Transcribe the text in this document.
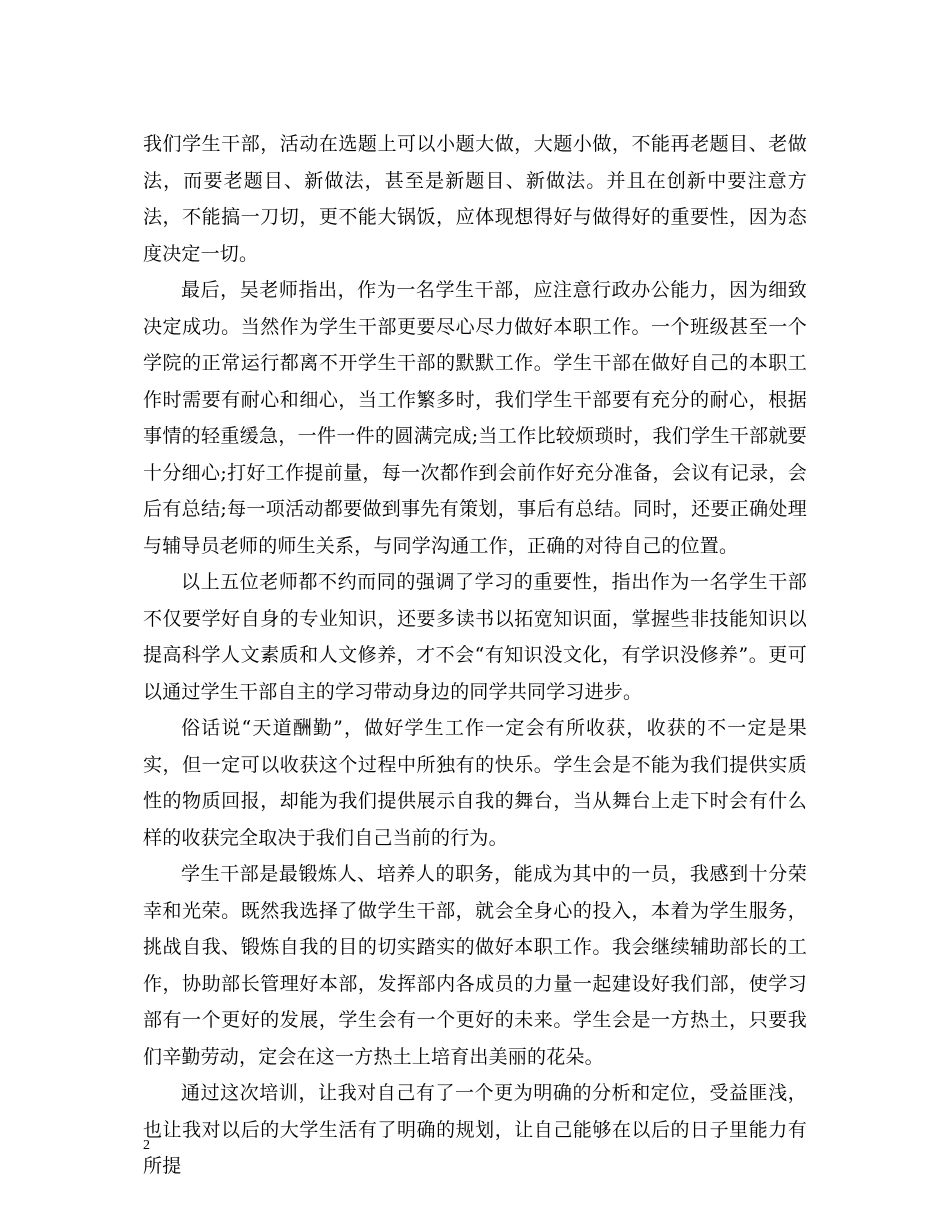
我们学生干部，活动在选题上可以小题大做，大题小做，不能再老题目、老做法，而要老题目、新做法，甚至是新题目、新做法。并且在创新中要注意方法，不能搞一刀切，更不能大锅饭，应体现想得好与做得好的重要性，因为态度决定一切。

最后，吴老师指出，作为一名学生干部，应注意行政办公能力，因为细致决定成功。当然作为学生干部更要尽心尽力做好本职工作。一个班级甚至一个学院的正常运行都离不开学生干部的默默工作。学生干部在做好自己的本职工作时需要有耐心和细心，当工作繁多时，我们学生干部要有充分的耐心，根据事情的轻重缓急，一件一件的圆满完成;当工作比较烦琐时，我们学生干部就要十分细心;打好工作提前量，每一次都作到会前作好充分准备，会议有记录，会后有总结;每一项活动都要做到事先有策划，事后有总结。同时，还要正确处理与辅导员老师的师生关系，与同学沟通工作，正确的对待自己的位置。

以上五位老师都不约而同的强调了学习的重要性，指出作为一名学生干部不仅要学好自身的专业知识，还要多读书以拓宽知识面，掌握些非技能知识以提高科学人文素质和人文修养，才不会“有知识没文化，有学识没修养”。更可以通过学生干部自主的学习带动身边的同学共同学习进步。

俗话说“天道酬勤”，做好学生工作一定会有所收获，收获的不一定是果实，但一定可以收获这个过程中所独有的快乐。学生会是不能为我们提供实质性的物质回报，却能为我们提供展示自我的舞台，当从舞台上走下时会有什么样的收获完全取决于我们自己当前的行为。

学生干部是最锻炼人、培养人的职务，能成为其中的一员，我感到十分荣幸和光荣。既然我选择了做学生干部，就会全身心的投入，本着为学生服务，挑战自我、锻炼自我的目的切实踏实的做好本职工作。我会继续辅助部长的工作，协助部长管理好本部，发挥部内各成员的力量一起建设好我们部，使学习部有一个更好的发展，学生会有一个更好的未来。学生会是一方热土，只要我们辛勤劳动，定会在这一方热土上培育出美丽的花朵。

通过这次培训，让我对自己有了一个更为明确的分析和定位，受益匪浅，也让我对以后的大学生活有了明确的规划，让自己能够在以后的日子里能力有所提

2
